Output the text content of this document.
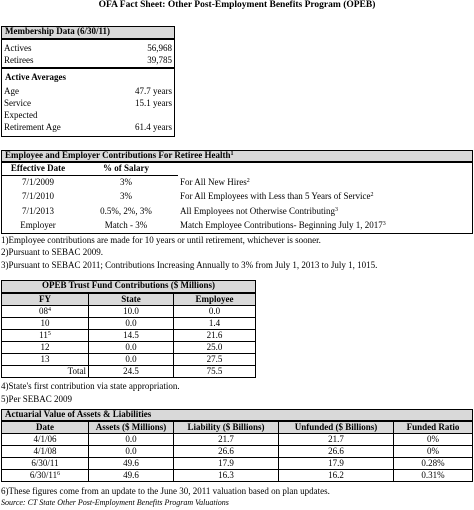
OFA Fact Sheet: Other Post-Employment Benefits Program (OPEB)
Membership Data (6/30/11)
Actives	56,968
Retirees	39,785
Active Averages
Age	47.7 years
Service	15.1 years
Expected	
Retirement Age	61.4 years
Employee and Employer Contributions For Retiree Health$^1$
Effective Date	% of Salary	
7/1/2009	3%	For All New Hires$^2$
7/1/2010	3%	For All Employees with Less than 5 Years of Service$^2$
7/1/2013	0.5%, 2%, 3%	All Employees not Otherwise Contributing$^3$
Employer	Match - 3%	Match Employee Contributions- Beginning July 1, 2017$^3$
1)Employee contributions are made for 10 years or until retirement, whichever is sooner.
2)Pursuant to SEBAC 2009.
3)Pursuant to SEBAC 2011; Contributions Increasing Annually to 3% from July 1, 2013 to July 1, 1015.
OPEB Trust Fund Contributions ($ Millions)
FY	State	Employee
$08^4$	10.0	0.0
10	0.0	1.4
$11^5$	14.5	21.6
12	0.0	25.0
13	0.0	27.5
Total	24.5	75.5
4)State's first contribution via state appropriation.
5)Per SEBAC 2009
Actuarial Value of Assets & Liabilities
Date	Assets ($ Millions)	Liability ($ Billions)	Unfunded ($ Billions)	Funded Ratio
4/1/06	0.0	21.7	21.7	0%
4/1/08	0.0	26.6	26.6	0%
6/30/11	49.6	17.9	17.9	0.28%
$6/30/11^6$	49.6	16.3	16.2	0.31%
6)These figures come from an update to the June 30, 2011 valuation based on plan updates.
Source: CT State Other Post-Employment Benefits Program Valuations
